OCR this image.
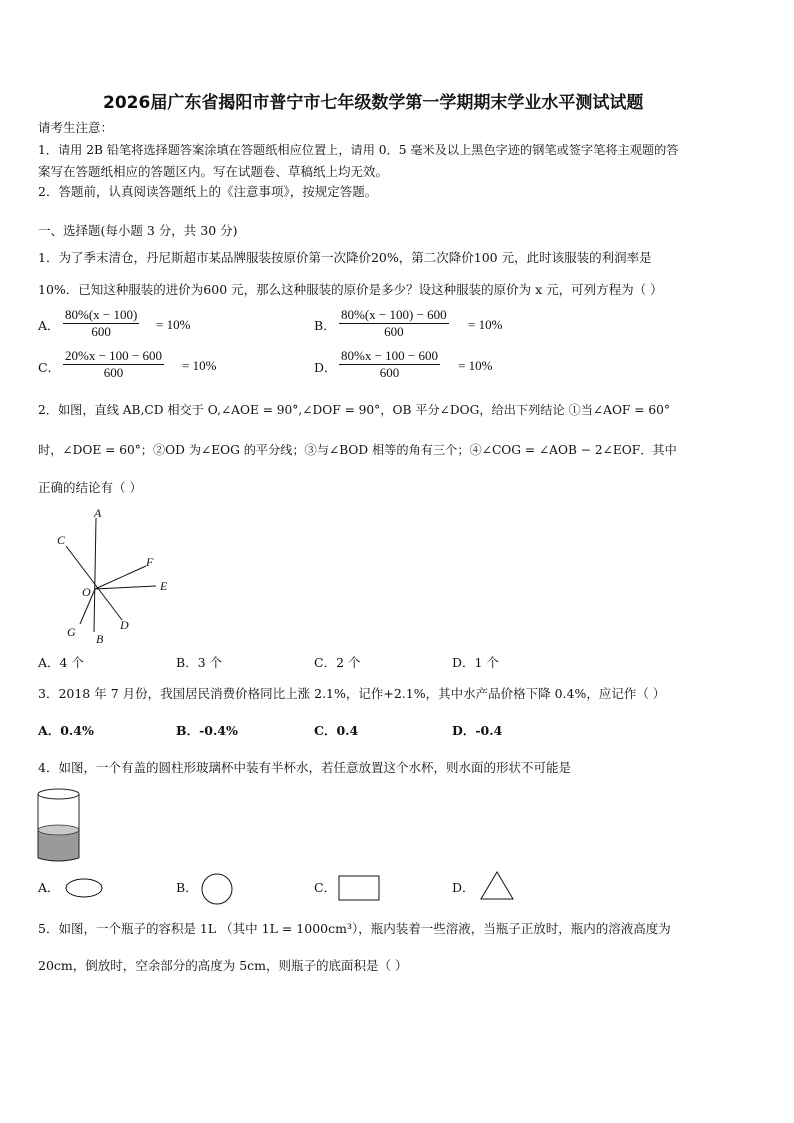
2026届广东省揭阳市普宁市七年级数学第一学期期末学业水平测试试题
请考生注意：
1．请用 2B 铅笔将选择题答案涂填在答题纸相应位置上，请用 0．5 毫米及以上黑色字迹的钢笔或签字笔将主观题的答
案写在答题纸相应的答题区内。写在试题卷、草稿纸上均无效。
2．答题前，认真阅读答题纸上的《注意事项》，按规定答题。
一、选择题(每小题 3 分，共 30 分)
1．为了季末清仓，丹尼斯超市某品牌服装按原价第一次降价20%，第二次降价100 元，此时该服装的利润率是
10%．已知这种服装的进价为600 元，那么这种服装的原价是多少？设这种服装的原价为 x 元，可列方程为（ ）
A． $\frac{80\%(x - 100)}{600} = 10\%$	B． $\frac{80\%(x - 100) - 600}{600} = 10\%$
C． $\frac{20\%x - 100 - 600}{600} = 10\%$	D． $\frac{80\%x - 100 - 600}{600} = 10\%$
2．如图，直线 AB,CD 相交于 O,∠AOE = 90°,∠DOF = 90°，OB 平分∠DOG，给出下列结论 ①当∠AOF = 60°
时，∠DOE = 60°；②OD 为∠EOG 的平分线；③与∠BOD 相等的角有三个；④∠COG = ∠AOB − 2∠EOF．其中
正确的结论有（ ）
A
C
F
E
O
G	D
B
A．4 个	B．3 个	C．2 个	D．1 个
3．2018 年 7 月份，我国居民消费价格同比上涨 2.1%，记作+2.1%，其中水产品价格下降 0.4%，应记作（ ）
A．0.4%	B．-0.4%	C．0.4	D．-0.4
4．如图，一个有盖的圆柱形玻璃杯中装有半杯水，若任意放置这个水杯，则水面的形状不可能是
A．	B．	C．	D．
5．如图，一个瓶子的容积是 1L （其中 1L = 1000cm³），瓶内装着一些溶液，当瓶子正放时，瓶内的溶液高度为
20cm，倒放时，空余部分的高度为 5cm，则瓶子的底面积是（ ）
